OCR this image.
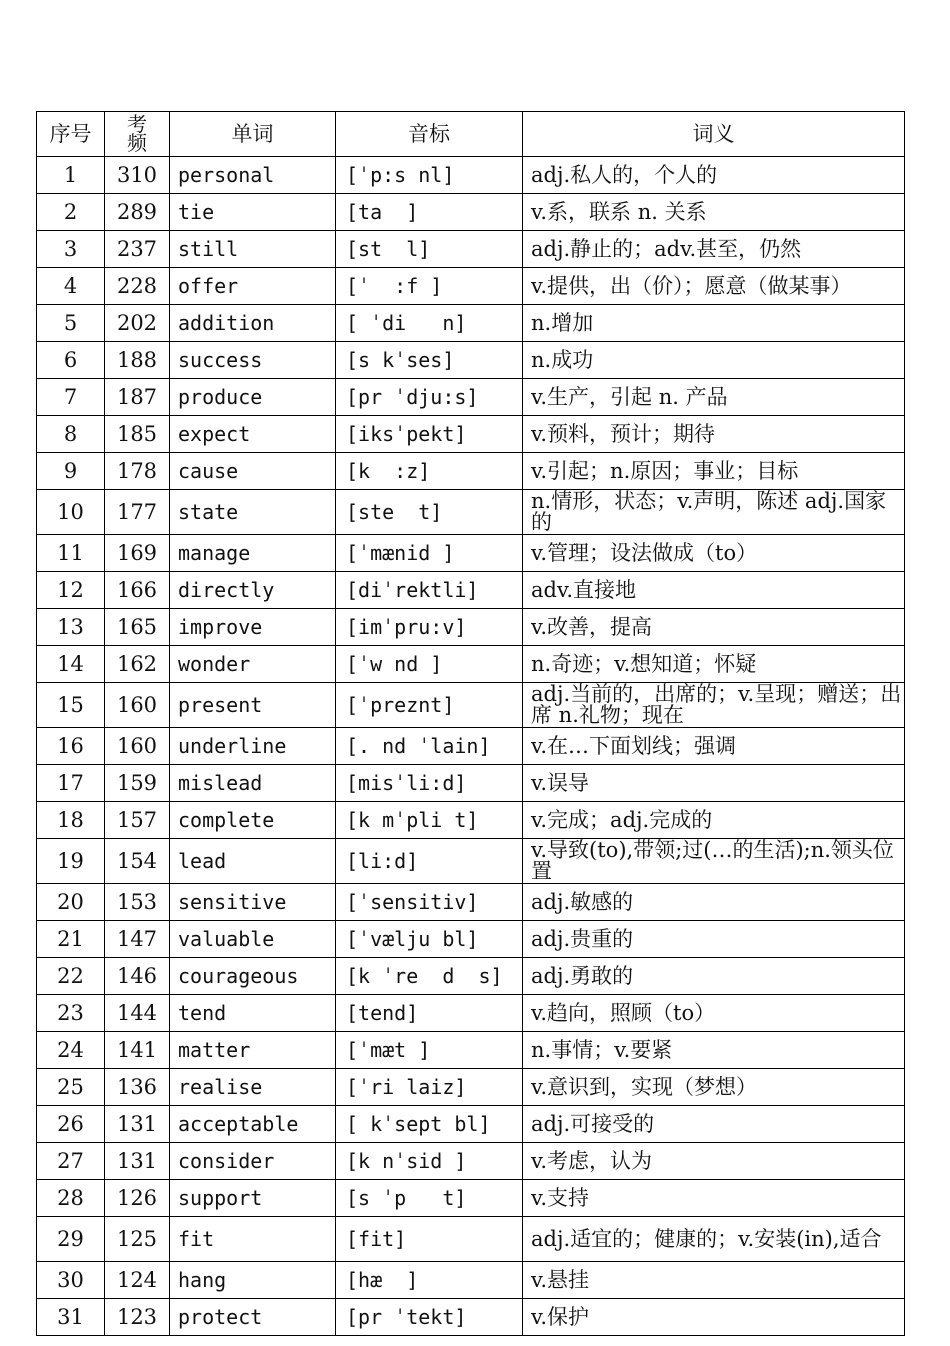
序号	考频	单词	音标	词义
1	310	personal	[ˈp:s nl]	adj.私人的，个人的
2	289	tie	[ta  ]	v.系，联系 n. 关系
3	237	still	[st  l]	adj.静止的；adv.甚至，仍然
4	228	offer	[ˈ  :f ]	v.提供，出（价）；愿意（做某事）
5	202	addition	[ ˈdi   n]	n.增加
6	188	success	[s kˈses]	n.成功
7	187	produce	[pr ˈdju:s]	v.生产，引起 n. 产品
8	185	expect	[iksˈpekt]	v.预料，预计；期待
9	178	cause	[k  :z]	v.引起；n.原因；事业；目标
10	177	state	[ste  t]	n.情形，状态；v.声明，陈述 adj.国家的
11	169	manage	[ˈmænid ]	v.管理；设法做成（to）
12	166	directly	[diˈrektli]	adv.直接地
13	165	improve	[imˈpru:v]	v.改善，提高
14	162	wonder	[ˈw nd ]	n.奇迹；v.想知道；怀疑
15	160	present	[ˈpreznt]	adj.当前的，出席的；v.呈现；赠送；出席 n.礼物；现在
16	160	underline	[. nd ˈlain]	v.在…下面划线；强调
17	159	mislead	[misˈli:d]	v.误导
18	157	complete	[k mˈpli t]	v.完成；adj.完成的
19	154	lead	[li:d]	v.导致(to),带领;过(…的生活);n.领头位置
20	153	sensitive	[ˈsensitiv]	adj.敏感的
21	147	valuable	[ˈvælju bl]	adj.贵重的
22	146	courageous	[k ˈre  d  s]	adj.勇敢的
23	144	tend	[tend]	v.趋向，照顾（to）
24	141	matter	[ˈmæt ]	n.事情；v.要紧
25	136	realise	[ˈri laiz]	v.意识到，实现（梦想）
26	131	acceptable	[ kˈsept bl]	adj.可接受的
27	131	consider	[k nˈsid ]	v.考虑，认为
28	126	support	[s ˈp   t]	v.支持
29	125	fit	[fit]	adj.适宜的；健康的；v.安装(in),适合
30	124	hang	[hæ  ]	v.悬挂
31	123	protect	[pr ˈtekt]	v.保护
